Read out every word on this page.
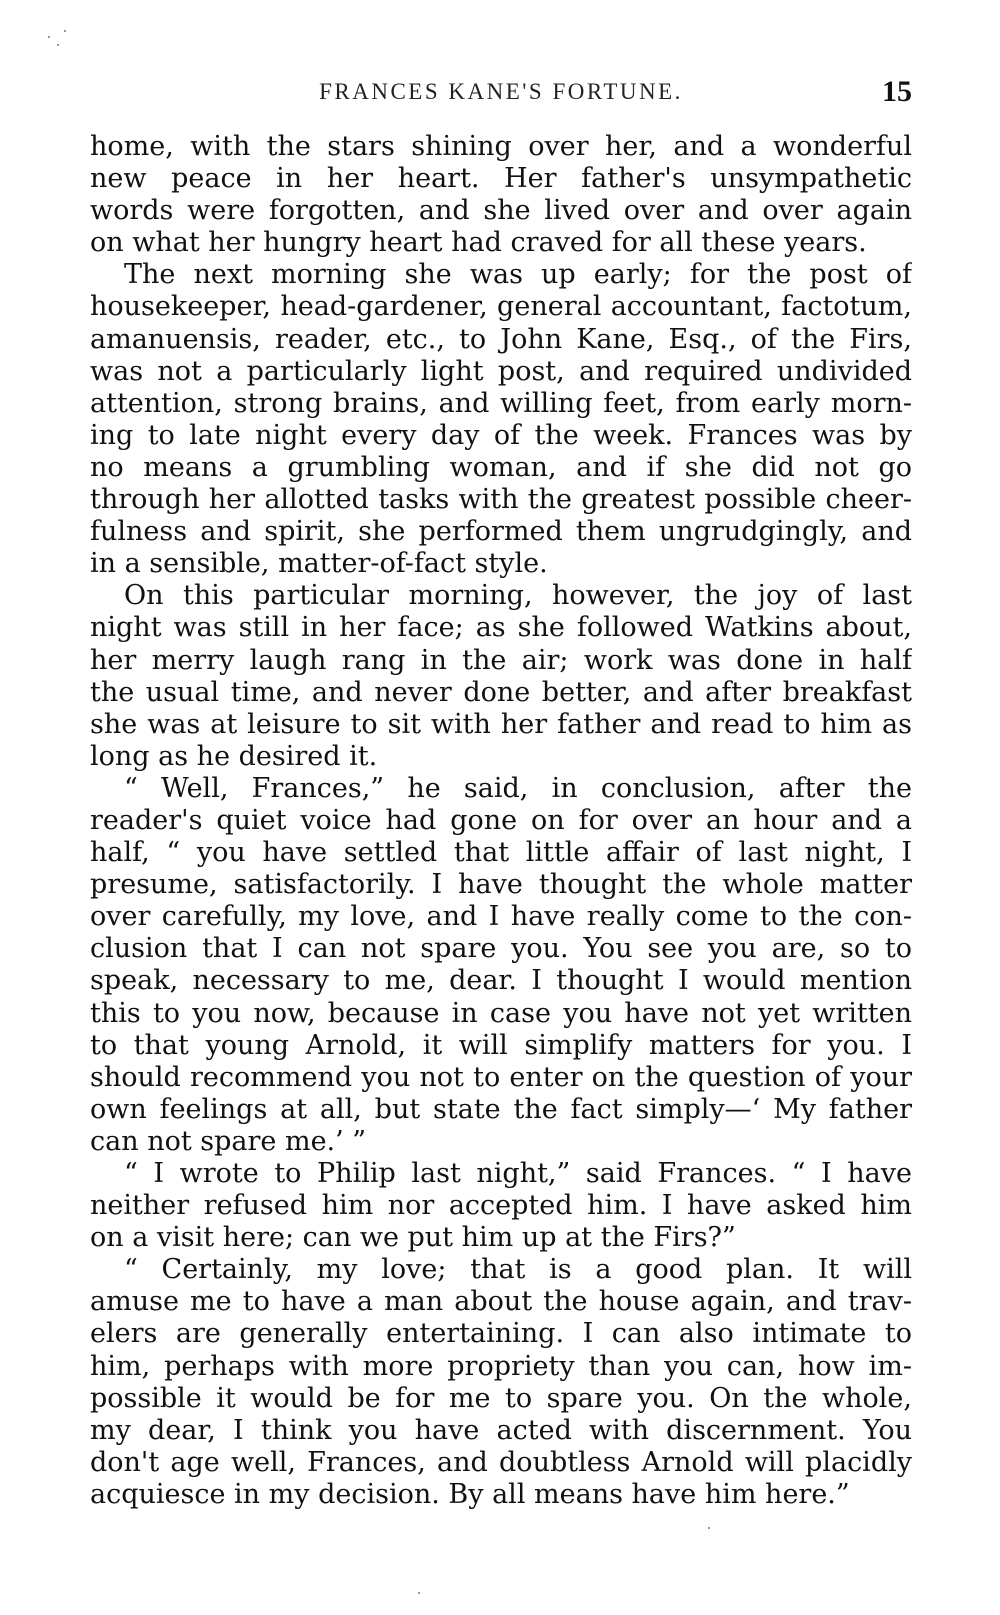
FRANCES KANE'S FORTUNE.	15
home, with the stars shining over her, and a wonderful
new peace in her heart. Her father's unsympathetic
words were forgotten, and she lived over and over again
on what her hungry heart had craved for all these years.
The next morning she was up early; for the post of
housekeeper, head-gardener, general accountant, factotum,
amanuensis, reader, etc., to John Kane, Esq., of the Firs,
was not a particularly light post, and required undivided
attention, strong brains, and willing feet, from early morn-
ing to late night every day of the week. Frances was by
no means a grumbling woman, and if she did not go
through her allotted tasks with the greatest possible cheer-
fulness and spirit, she performed them ungrudgingly, and
in a sensible, matter-of-fact style.
On this particular morning, however, the joy of last
night was still in her face; as she followed Watkins about,
her merry laugh rang in the air; work was done in half
the usual time, and never done better, and after breakfast
she was at leisure to sit with her father and read to him as
long as he desired it.
“ Well, Frances,” he said, in conclusion, after the
reader's quiet voice had gone on for over an hour and a
half, “ you have settled that little affair of last night, I
presume, satisfactorily. I have thought the whole matter
over carefully, my love, and I have really come to the con-
clusion that I can not spare you. You see you are, so to
speak, necessary to me, dear. I thought I would mention
this to you now, because in case you have not yet written
to that young Arnold, it will simplify matters for you. I
should recommend you not to enter on the question of your
own feelings at all, but state the fact simply—‘ My father
can not spare me.’ ”
“ I wrote to Philip last night,” said Frances. “ I have
neither refused him nor accepted him. I have asked him
on a visit here; can we put him up at the Firs?”
“ Certainly, my love; that is a good plan. It will
amuse me to have a man about the house again, and trav-
elers are generally entertaining. I can also intimate to
him, perhaps with more propriety than you can, how im-
possible it would be for me to spare you. On the whole,
my dear, I think you have acted with discernment. You
don't age well, Frances, and doubtless Arnold will placidly
acquiesce in my decision. By all means have him here.”
